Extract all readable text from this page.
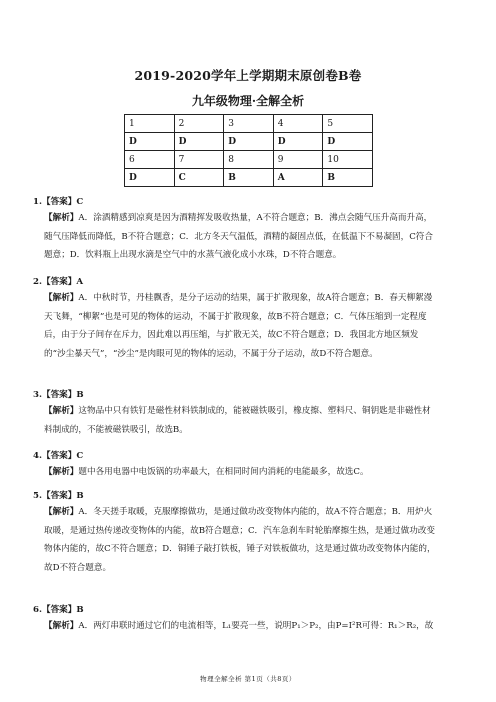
2019-2020学年上学期期末原创卷B卷
九年级物理·全解全析
1	2	3	4	5
D	D	D	D	D
6	7	8	9	10
D	C	B	A	B
1.【答案】C
【解析】A．涂酒精感到凉爽是因为酒精挥发吸收热量，A不符合题意；B．沸点会随气压升高而升高，随气压降低而降低，B不符合题意；C．北方冬天气温低，酒精的凝固点低，在低温下不易凝固，C符合题意；D．饮料瓶上出现水滴是空气中的水蒸气液化成小水珠，D不符合题意。
2.【答案】A
【解析】A．中秋时节，丹桂飘香，是分子运动的结果，属于扩散现象，故A符合题意；B．春天柳絮漫天飞舞，“柳絮”也是可见的物体的运动，不属于扩散现象，故B不符合题意；C．气体压缩到一定程度后，由于分子间存在斥力，因此难以再压缩，与扩散无关，故C不符合题意；D．我国北方地区频发的“沙尘暴天气”，“沙尘”是肉眼可见的物体的运动，不属于分子运动，故D不符合题意。
3.【答案】B
【解析】这物品中只有铁钉是磁性材料铁制成的，能被磁铁吸引，橡皮擦、塑料尺、铜钥匙是非磁性材料制成的，不能被磁铁吸引，故选B。
4.【答案】C
【解析】题中各用电器中电饭锅的功率最大，在相同时间内消耗的电能最多，故选C。
5.【答案】B
【解析】A．冬天搓手取暖，克服摩擦做功，是通过做功改变物体内能的，故A不符合题意；B．用炉火取暖，是通过热传递改变物体的内能，故B符合题意；C．汽车急刹车时轮胎摩擦生热，是通过做功改变物体内能的，故C不符合题意；D．铜锤子敲打铁板，锤子对铁板做功，这是通过做功改变物体内能的，故D不符合题意。
6.【答案】B
【解析】A．两灯串联时通过它们的电流相等，L₁要亮一些，说明P₁＞P₂，由P=I²R可得：R₁＞R₂，故
物理全解全析 第1页（共8页）
